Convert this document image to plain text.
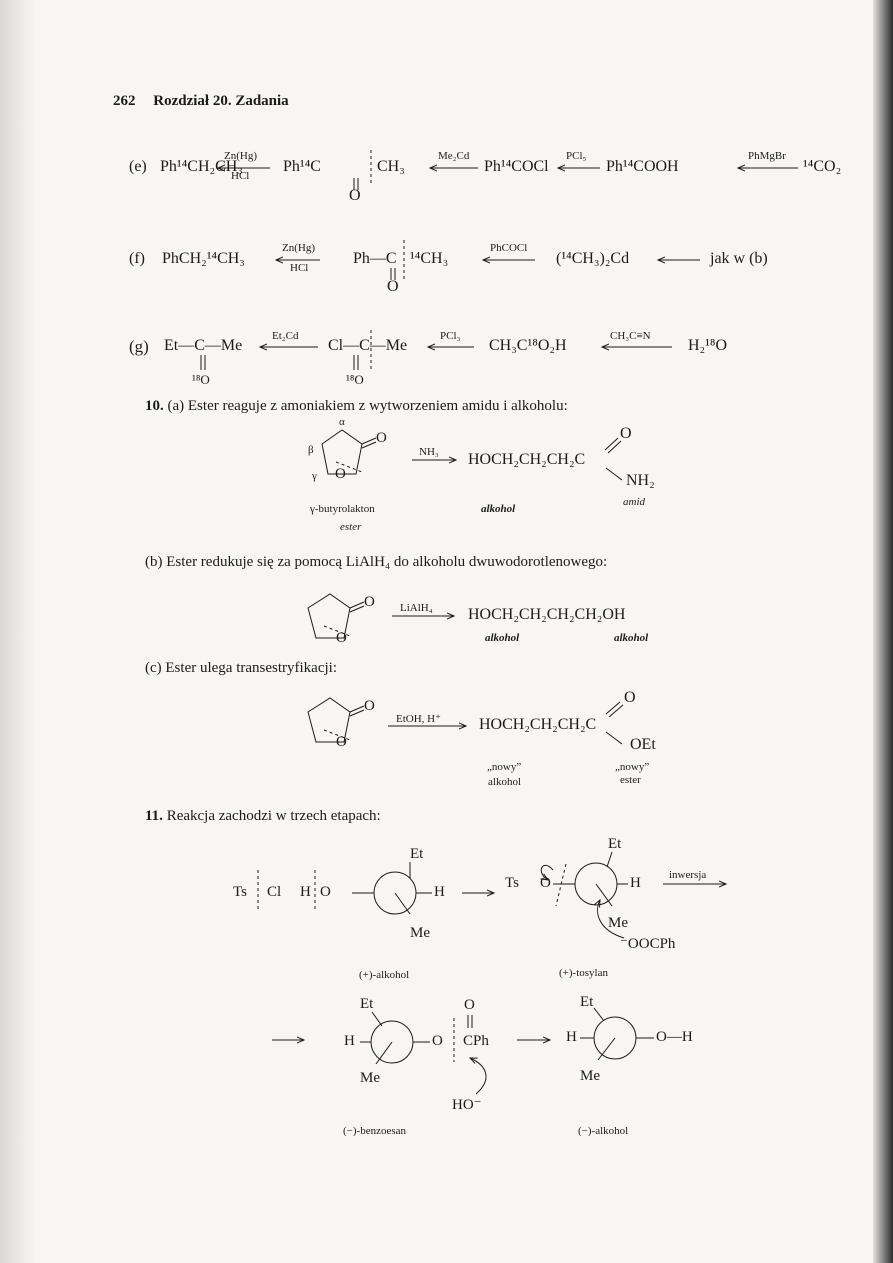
262 Rozdział 20. Zadania
(e) Ph¹⁴CH₂CH₃
Zn(Hg)
HCl
Ph¹⁴C	CH₃
O
Me₂Cd
Ph¹⁴COCl
PCl₅
Ph¹⁴COOH
PhMgBr
¹⁴CO₂
(f) PhCH₂¹⁴CH₃
Zn(Hg)
HCl
Ph—C ¹⁴CH₃
O
PhCOCl
(¹⁴CH₃)₂Cd	jak w (b)
(g) Et—C—Me
¹⁸O
Et₂Cd
Cl—C—Me
¹⁸O
PCl₃
CH₃C¹⁸O₂H
CH₃C≡N
H₂¹⁸O
10. (a) Ester reaguje z amoniakiem z wytworzeniem amidu i alkoholu:
α
β
γ
O
O
NH₃ HOCH₂CH₂CH₂C
O
NH₂
γ-butyrolakton
ester
alkohol
amid
(b) Ester redukuje się za pomocą LiAlH₄ do alkoholu dwuwodorotlenowego:
O
O
LiAlH₄ HOCH₂CH₂CH₂CH₂OH
alkohol	alkohol
(c) Ester ulega transestryfikacji:
O
O
EtOH, H⁺ HOCH₂CH₂CH₂C
O
OEt
„nowy”
alkohol
„nowy”
ester
11. Reakcja zachodzi w trzech etapach:
Ts Cl H O
Et
H
Me
(+)-alkohol
Ts O
Et
H
Me
⁻OOCPh
inwersja
(+)-tosylan
Et
H
Me
O
O
CPh
HO⁻
(−)-benzoesan
Et
H	O—H
Me
(−)-alkohol
